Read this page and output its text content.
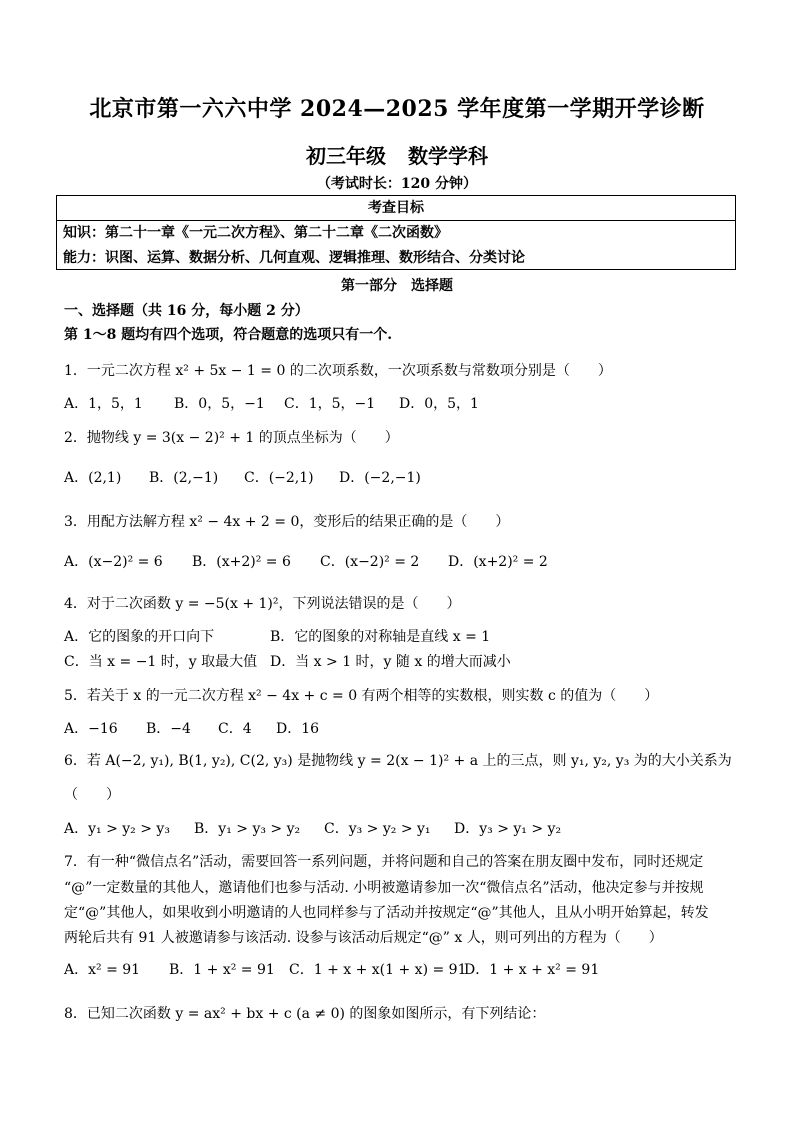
北京市第一六六中学 2024—2025 学年度第一学期开学诊断
初三年级 数学学科
（考试时长：120 分钟）
考查目标
知识：第二十一章《一元二次方程》、第二十二章《二次函数》
能力：识图、运算、数据分析、几何直观、逻辑推理、数形结合、分类讨论
第一部分　选择题
一、选择题（共 16 分，每小题 2 分）
第 1～8 题均有四个选项，符合题意的选项只有一个.
1．一元二次方程 x² + 5x − 1 = 0 的二次项系数，一次项系数与常数项分别是（　　）
A．1，5，1 B．0，5，−1 C．1，5，−1 D．0，5，1
2．抛物线 y = 3(x − 2)² + 1 的顶点坐标为（　　）
A．(2,1) B．(2,−1) C．(−2,1) D．(−2,−1)
3．用配方法解方程 x² − 4x + 2 = 0，变形后的结果正确的是（　　）
A．(x−2)² = 6 B．(x+2)² = 6 C．(x−2)² = 2 D．(x+2)² = 2
4．对于二次函数 y = −5(x + 1)²，下列说法错误的是（　　）
A．它的图象的开口向下	B．它的图象的对称轴是直线 x = 1
C．当 x = −1 时，y 取最大值 D．当 x > 1 时，y 随 x 的增大而减小
5．若关于 x 的一元二次方程 x² − 4x + c = 0 有两个相等的实数根，则实数 c 的值为（　　）
A．−16 B．−4 C．4 D．16
6．若 A(−2, y₁), B(1, y₂), C(2, y₃) 是抛物线 y = 2(x − 1)² + a 上的三点，则 y₁, y₂, y₃ 为的大小关系为
（　　）
A．y₁ > y₂ > y₃ B．y₁ > y₃ > y₂ C．y₃ > y₂ > y₁ D．y₃ > y₁ > y₂
7．有一种“微信点名”活动，需要回答一系列问题，并将问题和自己的答案在朋友圈中发布，同时还规定
“@”一定数量的其他人，邀请他们也参与活动. 小明被邀请参加一次“微信点名”活动，他决定参与并按规
定“@”其他人，如果收到小明邀请的人也同样参与了活动并按规定“@”其他人，且从小明开始算起，转发
两轮后共有 91 人被邀请参与该活动. 设参与该活动后规定“@” x 人，则可列出的方程为（　　）
A．x² = 91 B．1 + x² = 91 C．1 + x + x(1 + x) = 91D．1 + x + x² = 91
8．已知二次函数 y = ax² + bx + c (a ≠ 0) 的图象如图所示，有下列结论：
